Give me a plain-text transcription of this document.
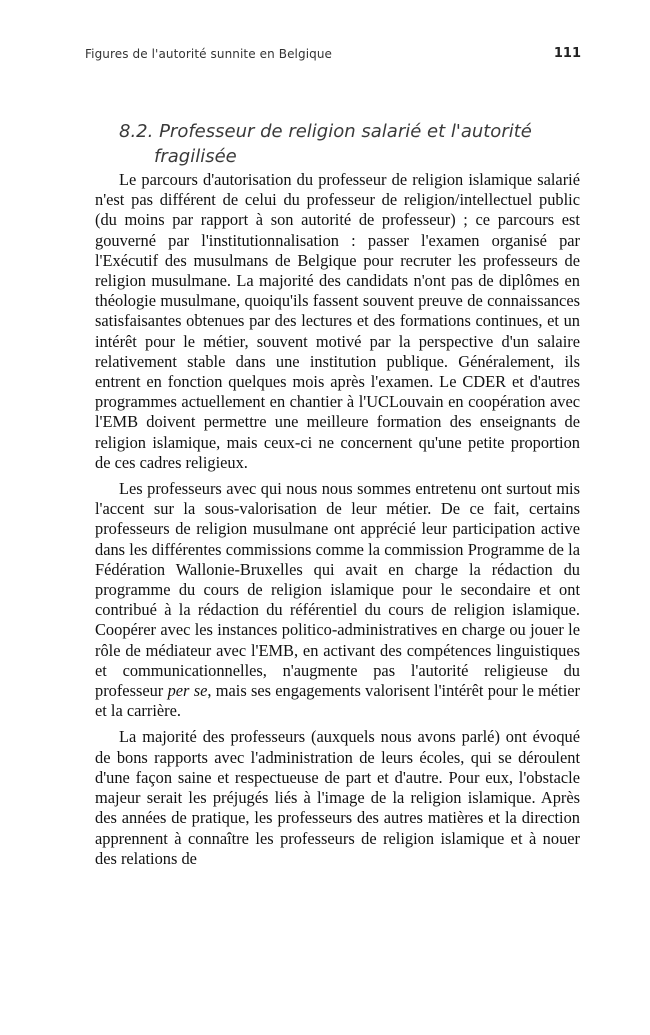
Figures de l'autorité sunnite en Belgique	111
8.2. Professeur de religion salarié et l'autorité fragilisée

Le parcours d'autorisation du professeur de religion islamique salarié n'est pas différent de celui du professeur de religion/intellectuel public (du moins par rapport à son autorité de professeur) ; ce parcours est gouverné par l'institutionnalisation : passer l'examen organisé par l'Exécutif des musulmans de Belgique pour recruter les professeurs de religion musulmane. La majorité des candidats n'ont pas de diplômes en théologie musulmane, quoiqu'ils fassent souvent preuve de connaissances satisfaisantes obtenues par des lectures et des formations continues, et un intérêt pour le métier, souvent motivé par la perspective d'un salaire relativement stable dans une institution publique. Généralement, ils entrent en fonction quelques mois après l'examen. Le CDER et d'autres programmes actuellement en chantier à l'UCLouvain en coopération avec l'EMB doivent permettre une meilleure formation des enseignants de religion islamique, mais ceux-ci ne concernent qu'une petite proportion de ces cadres religieux.

Les professeurs avec qui nous nous sommes entretenu ont surtout mis l'accent sur la sous-valorisation de leur métier. De ce fait, certains professeurs de religion musulmane ont apprécié leur participation active dans les différentes commissions comme la commission Programme de la Fédération Wallonie-Bruxelles qui avait en charge la rédaction du programme du cours de religion islamique pour le secondaire et ont contribué à la rédaction du référentiel du cours de religion islamique. Coopérer avec les instances politico-administratives en charge ou jouer le rôle de médiateur avec l'EMB, en activant des compétences linguistiques et communicationnelles, n'augmente pas l'autorité religieuse du professeur per se, mais ses engagements valorisent l'intérêt pour le métier et la carrière.

La majorité des professeurs (auxquels nous avons parlé) ont évoqué de bons rapports avec l'administration de leurs écoles, qui se déroulent d'une façon saine et respectueuse de part et d'autre. Pour eux, l'obstacle majeur serait les préjugés liés à l'image de la religion islamique. Après des années de pratique, les professeurs des autres matières et la direction apprennent à connaître les professeurs de religion islamique et à nouer des relations de
